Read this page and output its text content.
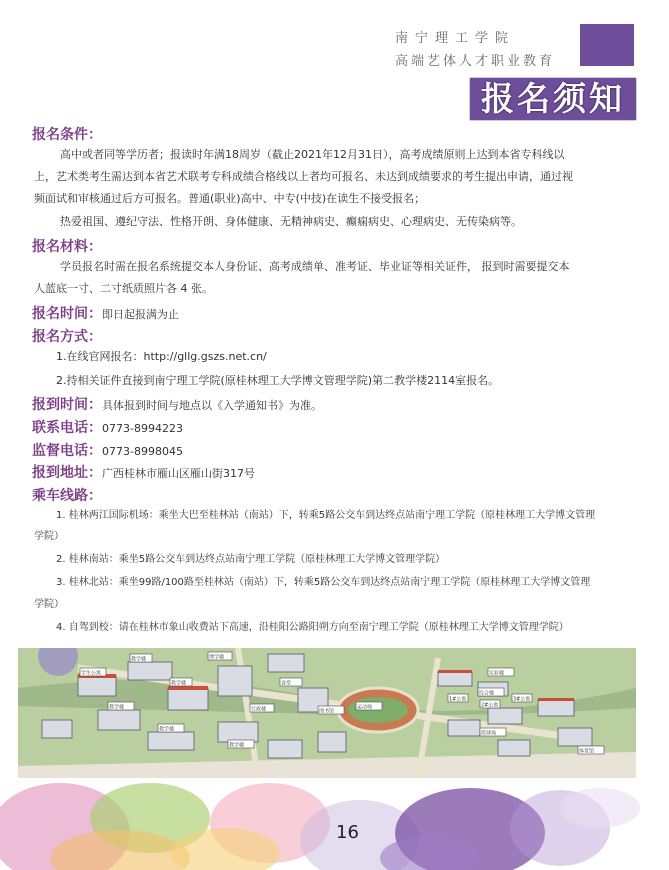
南宁理工学院
高端艺体人才职业教育
报名须知
报名条件：
高中或者同等学历者；报读时年满18周岁（截止2021年12月31日），高考成绩原则上达到本省专科线以
上，艺术类考生需达到本省艺术联考专科成绩合格线以上者均可报名、未达到成绩要求的考生提出申请，通过视
频面试和审核通过后方可报名。普通(职业)高中、中专(中技)在读生不接受报名；
热爱祖国、遵纪守法、性格开朗、身体健康、无精神病史、癫痫病史、心理病史、无传染病等。
报名材料：
学员报名时需在报名系统提交本人身份证、高考成绩单、准考证、毕业证等相关证件， 报到时需要提交本
人蓝底一寸、二寸纸质照片各 4 张。
报名时间：即日起报满为止
报名方式：
1.在线官网报名：http://gllg.gszs.net.cn/
2.持相关证件直接到南宁理工学院(原桂林理工大学博文管理学院)第二教学楼2114室报名。
报到时间：具体报到时间与地点以《入学通知书》为准。
联系电话：0773-8994223
监督电话：0773-8998045
报到地址：广西桂林市雁山区雁山街317号
乘车线路：
1. 桂林两江国际机场：乘坐大巴至桂林站（南站）下，转乘5路公交车到达终点站南宁理工学院（原桂林理工大学博文管理
学院）
2. 桂林南站：乘坐5路公交车到达终点站南宁理工学院（原桂林理工大学博文管理学院）
3. 桂林北站：乘坐99路/100路至桂林站（南站）下，转乘5路公交车到达终点站南宁理工学院（原桂林理工大学博文管理
学院）
4. 自驾到校：请在桂林市象山收费站下高速，沿桂阳公路阳朔方向至南宁理工学院（原桂林理工大学博文管理学院）
学生公寓
教学楼
教学楼	食堂
博学楼
行政楼	图书馆
体育馆
运动场
1#公寓
2#公寓
3#公寓
实验楼
综合楼
篮球场
教学楼
教学楼
教学楼
16
